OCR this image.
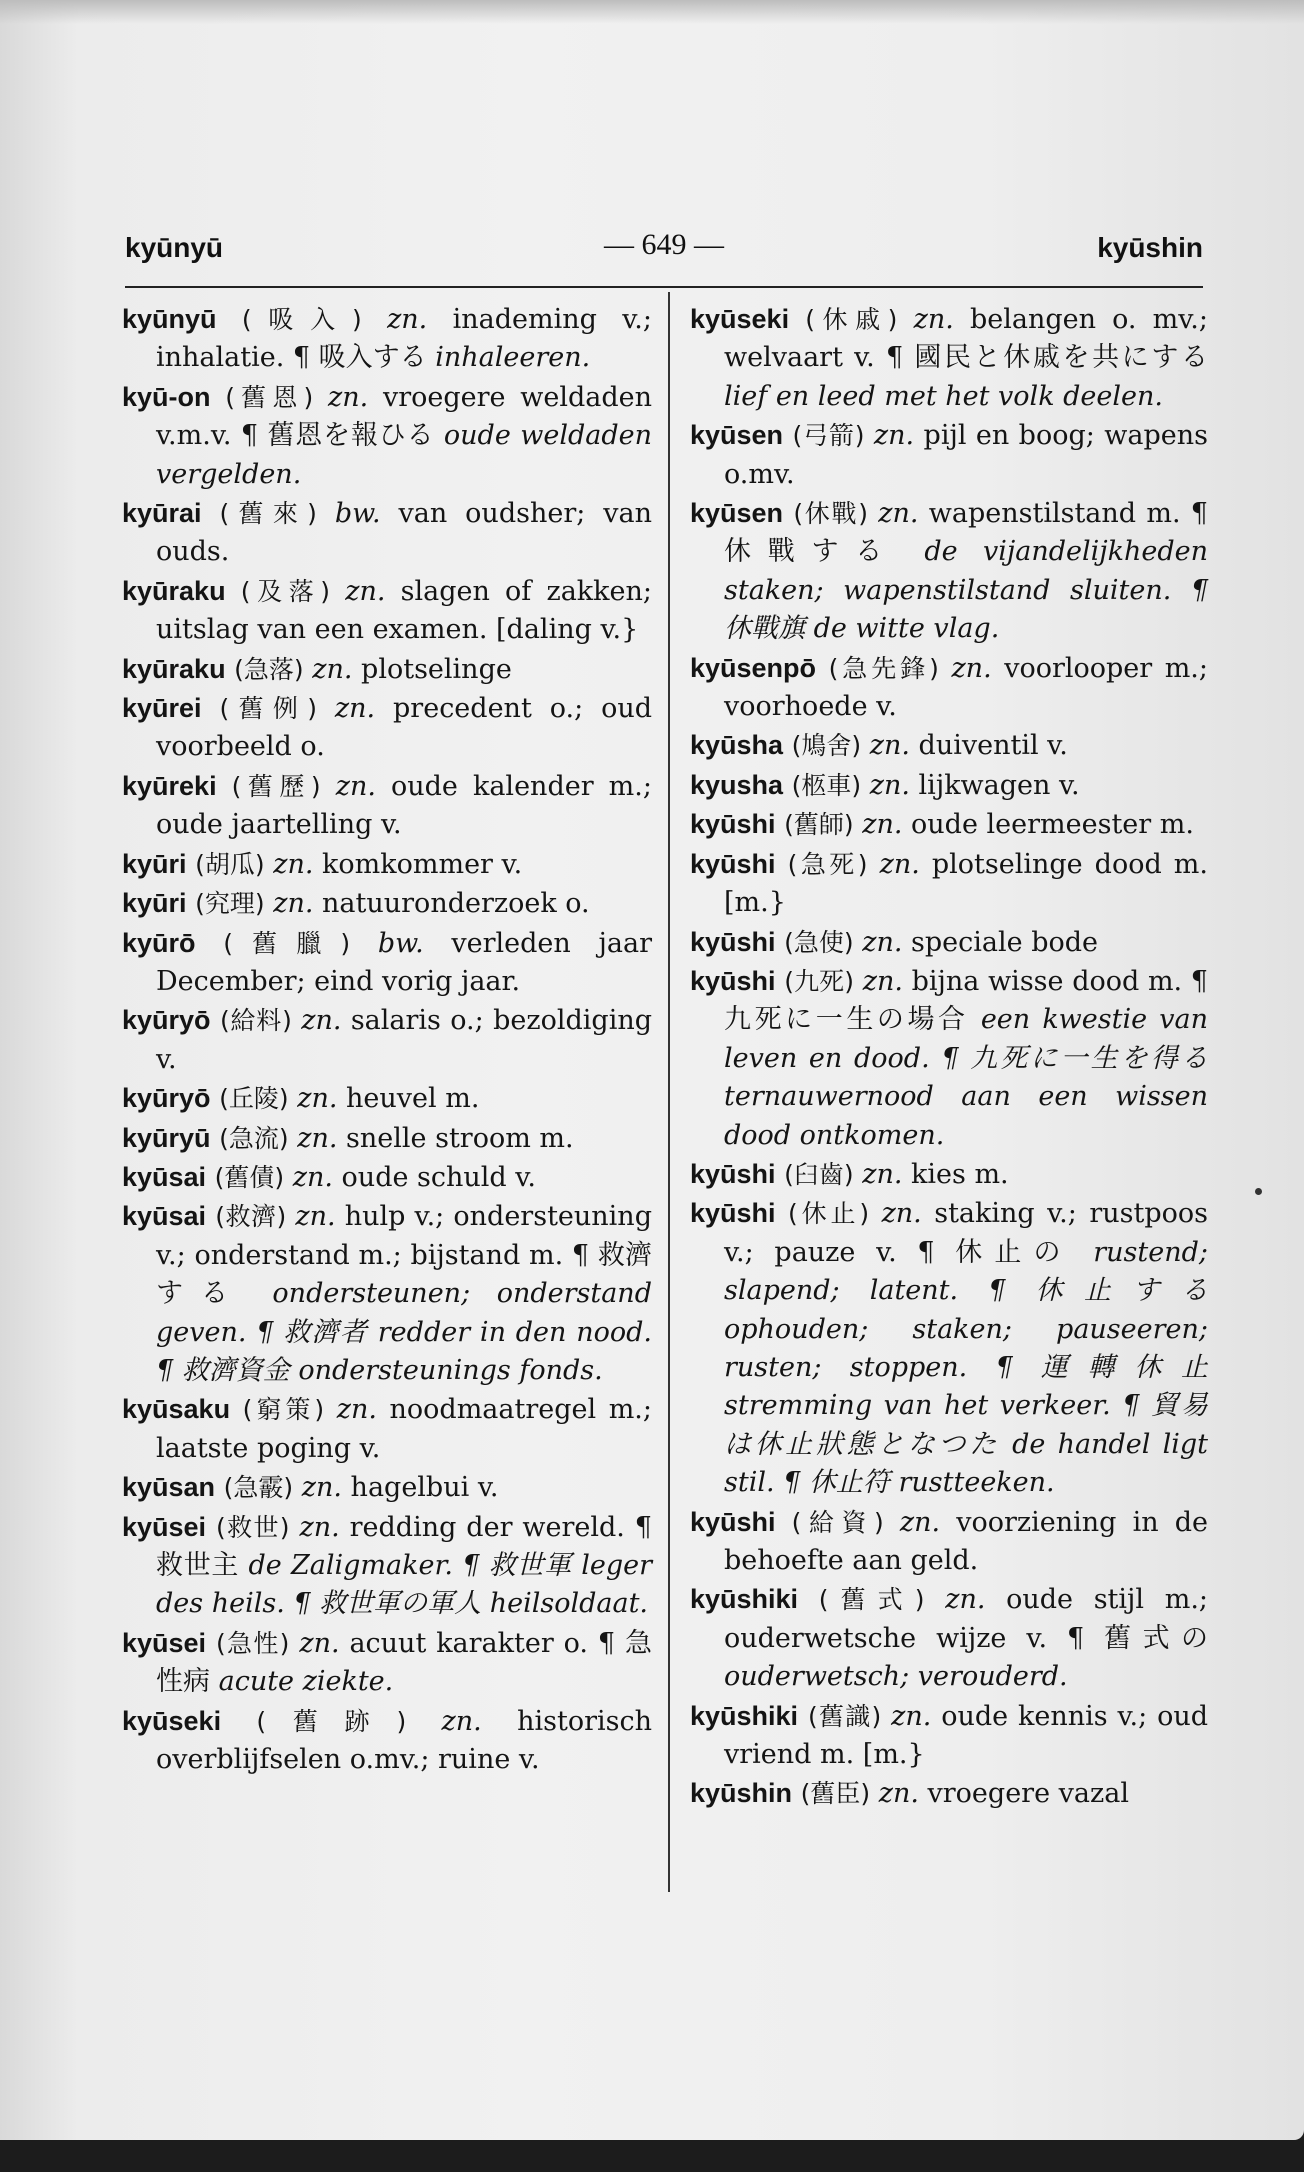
kyūnyū	— 649 —	kyūshin

kyūnyū (吸入) zn. inademing v.; inhalatie. ¶ 吸入する inhaleeren.

kyū-on (舊恩) zn. vroegere weldaden v.m.v. ¶ 舊恩を報ひる oude weldaden vergelden.

kyūrai (舊來) bw. van oudsher; van ouds.

kyūraku (及落) zn. slagen of zakken; uitslag van een examen. [daling v.}

kyūraku (急落) zn. plotselinge

kyūrei (舊例) zn. precedent o.; oud voorbeeld o.

kyūreki (舊歷) zn. oude kalender m.; oude jaartelling v.

kyūri (胡瓜) zn. komkommer v.

kyūri (究理) zn. natuuronderzoek o.

kyūrō (舊臘) bw. verleden jaar December; eind vorig jaar.

kyūryō (給料) zn. salaris o.; bezoldiging v.

kyūryō (丘陵) zn. heuvel m.

kyūryū (急流) zn. snelle stroom m.

kyūsai (舊債) zn. oude schuld v.

kyūsai (救濟) zn. hulp v.; ondersteuning v.; onderstand m.; bijstand m. ¶ 救濟する ondersteunen; onderstand geven. ¶ 救濟者 redder in den nood. ¶ 救濟資金 ondersteunings fonds.

kyūsaku (窮策) zn. noodmaatregel m.; laatste poging v.

kyūsan (急霰) zn. hagelbui v.

kyūsei (救世) zn. redding der wereld. ¶ 救世主 de Zaligmaker. ¶ 救世軍 leger des heils. ¶ 救世軍の軍人 heilsoldaat.

kyūsei (急性) zn. acuut karakter o. ¶ 急性病 acute ziekte.

kyūseki (舊跡) zn. historisch overblijfselen o.mv.; ruine v.

kyūseki (休戚) zn. belangen o. mv.; welvaart v. ¶ 國民と休戚を共にする lief en leed met het volk deelen.

kyūsen (弓箭) zn. pijl en boog; wapens o.mv.

kyūsen (休戰) zn. wapenstilstand m. ¶ 休戰する de vijandelijkheden staken; wapenstilstand sluiten. ¶ 休戰旗 de witte vlag.

kyūsenpō (急先鋒) zn. voorlooper m.; voorhoede v.

kyūsha (鳩舍) zn. duiventil v.

kyusha (柩車) zn. lijkwagen v.

kyūshi (舊師) zn. oude leermeester m.

kyūshi (急死) zn. plotselinge dood m. [m.}

kyūshi (急使) zn. speciale bode

kyūshi (九死) zn. bijna wisse dood m. ¶ 九死に一生の場合 een kwestie van leven en dood. ¶ 九死に一生を得る ternauwernood aan een wissen dood ontkomen.

kyūshi (臼齒) zn. kies m.

kyūshi (休止) zn. staking v.; rustpoos v.; pauze v. ¶ 休止の rustend; slapend; latent. ¶ 休止する ophouden; staken; pauseeren; rusten; stoppen. ¶ 運轉休止 stremming van het verkeer. ¶ 貿易は休止狀態となつた de handel ligt stil. ¶ 休止符 rustteeken.

kyūshi (給資) zn. voorziening in de behoefte aan geld.

kyūshiki (舊式) zn. oude stijl m.; ouderwetsche wijze v. ¶ 舊式の ouderwetsch; verouderd.

kyūshiki (舊識) zn. oude kennis v.; oud vriend m. [m.}

kyūshin (舊臣) zn. vroegere vazal
